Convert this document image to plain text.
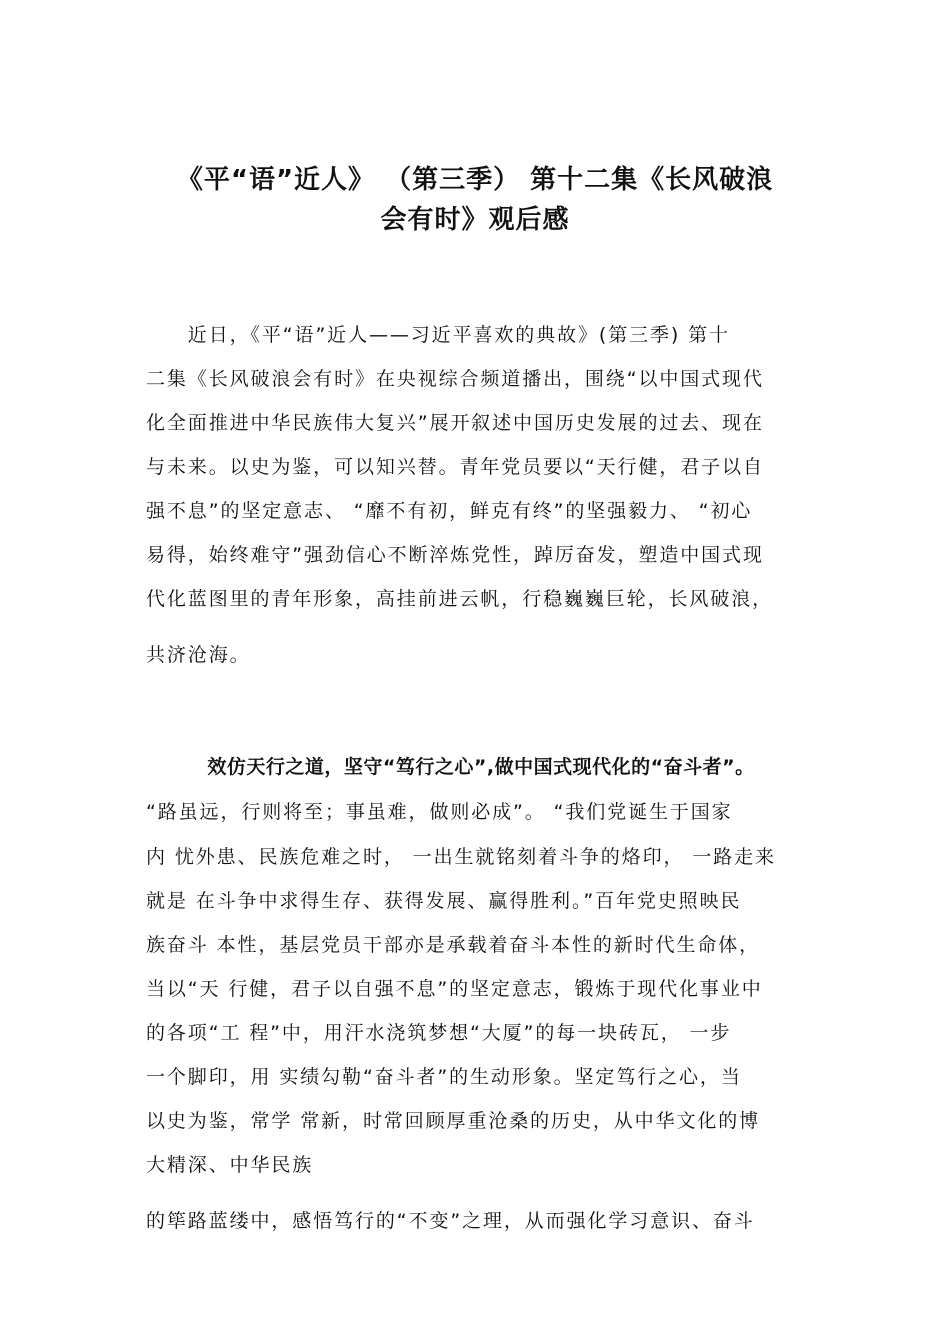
《平“语”近人》 （第三季） 第十二集《长风破浪
会有时》观后感

　　近日，《平“语”近人——习近平喜欢的典故》(第三季) 第十

二集《长风破浪会有时》在央视综合频道播出，围绕“以中国式现代

化全面推进中华民族伟大复兴”展开叙述中国历史发展的过去、现在

与未来。以史为鉴，可以知兴替。青年党员要以“天行健，君子以自

强不息”的坚定意志、 “靡不有初，鲜克有终”的坚强毅力、 “初心

易得，始终难守”强劲信心不断淬炼党性，踔厉奋发，塑造中国式现

代化蓝图里的青年形象，高挂前进云帆，行稳巍巍巨轮，长风破浪，

共济沧海。

效仿天行之道，坚守“笃行之心”,做中国式现代化的“奋斗者”。

“路虽远，行则将至；事虽难，做则必成”。 “我们党诞生于国家

内 忧外患、民族危难之时， 一出生就铭刻着斗争的烙印， 一路走来

就是 在斗争中求得生存、获得发展、赢得胜利。”百年党史照映民

族奋斗 本性，基层党员干部亦是承载着奋斗本性的新时代生命体，

当以“天 行健，君子以自强不息”的坚定意志，锻炼于现代化事业中

的各项“工 程”中，用汗水浇筑梦想“大厦”的每一块砖瓦， 一步

一个脚印，用 实绩勾勒“奋斗者”的生动形象。坚定笃行之心，当

以史为鉴，常学 常新，时常回顾厚重沧桑的历史，从中华文化的博

大精深、中华民族

的筚路蓝缕中，感悟笃行的“不变”之理，从而强化学习意识、奋斗
